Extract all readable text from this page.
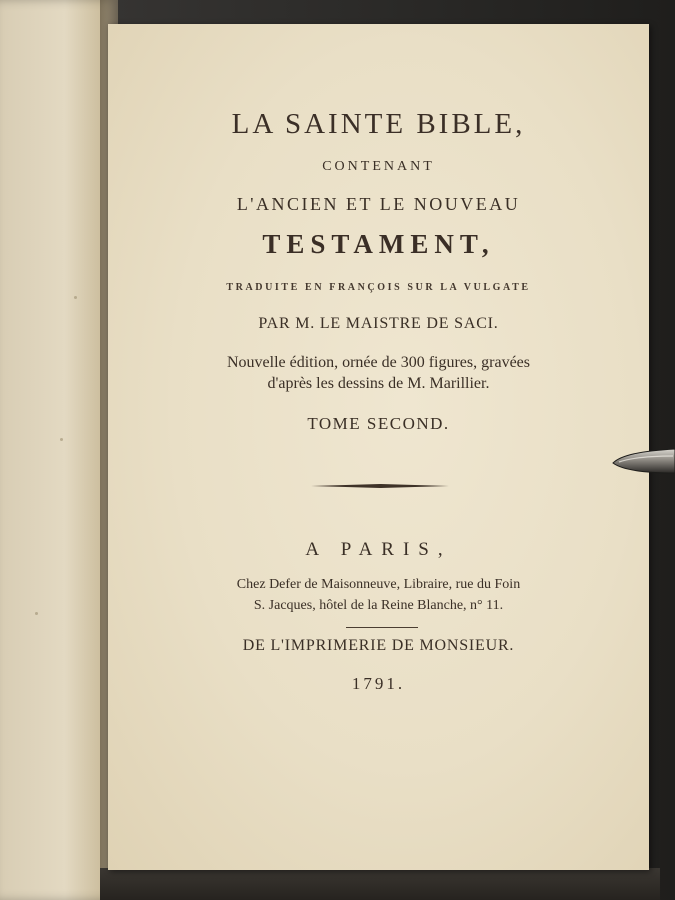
LA SAINTE BIBLE,
CONTENANT
L'ANCIEN ET LE NOUVEAU
TESTAMENT,
TRADUITE EN FRANÇOIS SUR LA VULGATE
PAR M. LE MAISTRE DE SACI.
Nouvelle édition, ornée de 300 figures, gravées
d'après les dessins de M. Marillier.
TOME SECOND.
A PARIS,
Chez Defer de Maisonneuve, Libraire, rue du Foin
S. Jacques, hôtel de la Reine Blanche, n° 11.
DE L'IMPRIMERIE DE MONSIEUR.
1791.
